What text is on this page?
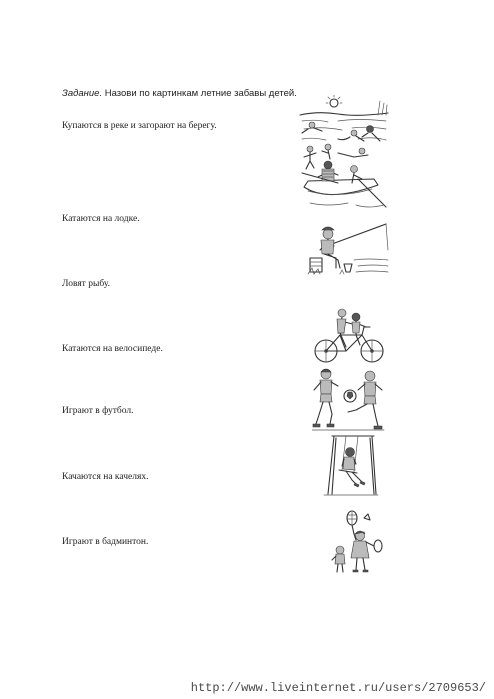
Задание. Назови по картинкам летние забавы детей.
Купаются в реке и загорают на берегу.
Катаются на лодке.
Ловят рыбу.
Катаются на велосипеде.
Играют в футбол.
Качаются на качелях.
Играют в бадминтон.
http://www.liveinternet.ru/users/2709653/
